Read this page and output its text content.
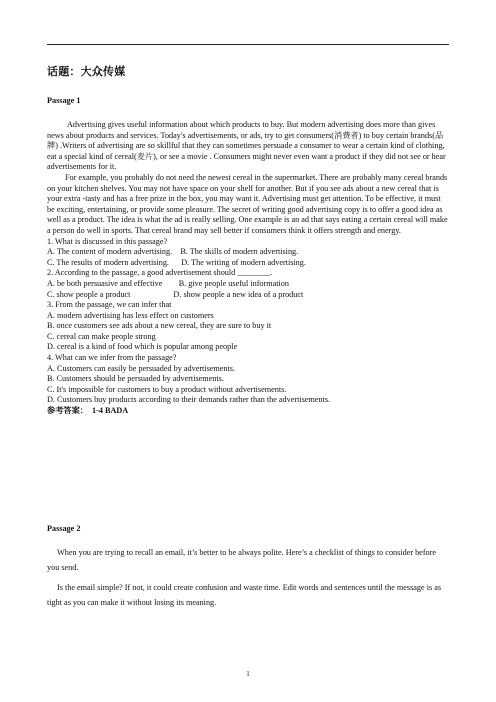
话题：大众传媒
Passage 1

Advertising gives useful information about which products to buy. But modern advertising does more than gives news about products and services. Today's advertisements, or ads, try to get consumers(消费者) to buy certain brands(品牌) .Writers of advertising are so skillful that they can sometimes persuade a consumer to wear a certain kind of clothing, eat a special kind of cereal(麦片), or see a movie . Consumers might never even want a product if they did not see or hear advertisements for it.

For example, you probably do not need the newest cereal in the supermarket. There are probably many cereal brands on your kitchen shelves. You may not have space on your shelf for another. But if you see ads about a new cereal that is your extra -tasty and has a free prize in the box, you may want it. Advertising must get attention. To be effective, it must be exciting, entertaining, or provide some pleasure. The secret of writing good advertising copy is to offer a good idea as well as a product. The idea is what the ad is really selling. One example is an ad that says eating a certain cereal will make a person do well in sports. That cereal brand may sell better if consumers think it offers strength and energy.

1. What is discussed in this passage?

A. The content of modern advertising.    B. The skills of modern advertising.

C. The results of modern advertising.      D. The writing of modern advertising.

2. According to the passage, a good advertisement should ________.

A. be both persuasive and effective        B. give people useful information

C. show people a product                     D. show people a new idea of a product

3. From the passage, we can infer that

A. modern advertising has less effect on customers

B. once customers see ads about a new cereal, they are sure to buy it

C. cereal can make people strong

D. cereal is a kind of food which is popular among people

4. What can we infer from the passage?

A. Customers can easily be persuaded by advertisements.

B. Customers should be persuaded by advertisements.

C. It's impossible for customers to buy a product without advertisements.

D. Customers buy products according to their demands rather than the advertisements.

参考答案：  1-4 BADA

Passage 2

When you are trying to recall an email, it’s better to be always polite. Here’s a checklist of things to consider before you send.

Is the email simple? If not, it could create confusion and waste time. Edit words and sentences until the message is as tight as you can make it without losing its meaning.

1
